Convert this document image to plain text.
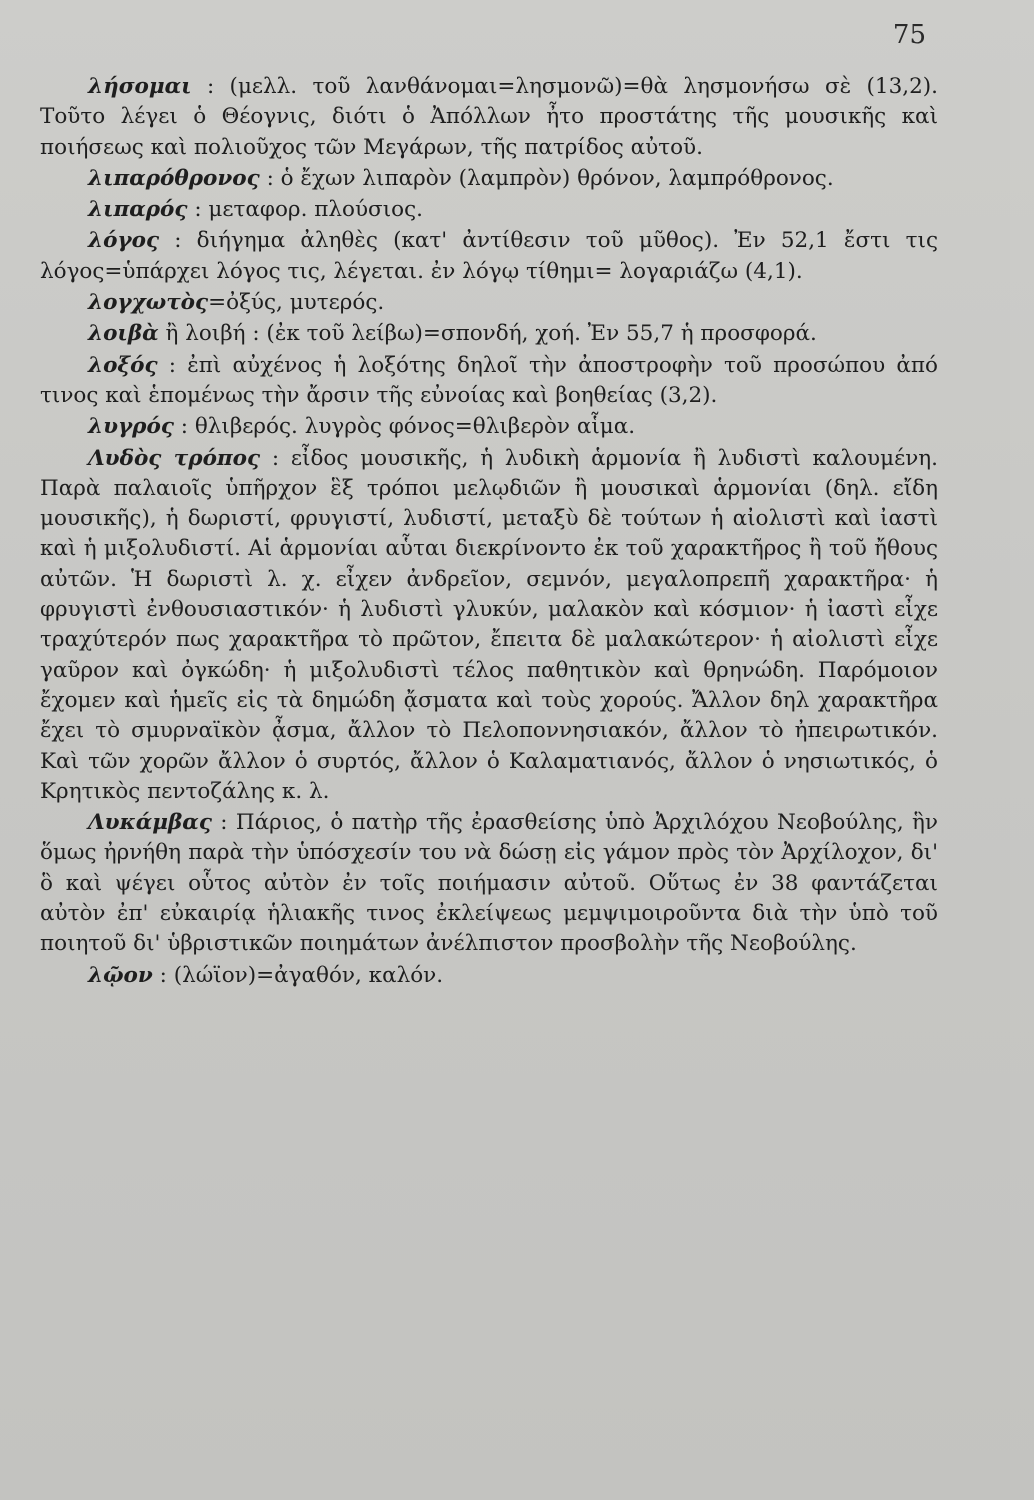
75

λήσομαι : (μελλ. τοῦ λανθάνομαι=λησμονῶ)=θὰ λησμονήσω σὲ (13,2). Τοῦτο λέγει ὁ Θέογνις, διότι ὁ Ἀπόλλων ἦτο προστάτης τῆς μουσικῆς καὶ ποιήσεως καὶ πολιοῦχος τῶν Μεγάρων, τῆς πατρίδος αὐτοῦ.

λιπαρόθρονος : ὁ ἔχων λιπαρὸν (λαμπρὸν) θρόνον, λαμπρόθρονος.

λιπαρός : μεταφορ. πλούσιος.

λόγος : διήγημα ἀληθὲς (κατ' ἀντίθεσιν τοῦ μῦθος). Ἐν 52,1 ἔστι τις λόγος=ὑπάρχει λόγος τις, λέγεται. ἐν λόγῳ τίθημι= λογαριάζω (4,1).

λογχωτὸς=ὀξύς, μυτερός.

λοιβὰ ἢ λοιβή : (ἐκ τοῦ λείβω)=σπονδή, χοή. Ἐν 55,7 ἡ προσφορά.

λοξός : ἐπὶ αὐχένος ἡ λοξότης δηλοῖ τὴν ἀποστροφὴν τοῦ προσώπου ἀπό τινος καὶ ἑπομένως τὴν ἄρσιν τῆς εὐνοίας καὶ βοηθείας (3,2).

λυγρός : θλιβερός. λυγρὸς φόνος=θλιβερὸν αἷμα.

Λυδὸς τρόπος : εἶδος μουσικῆς, ἡ λυδικὴ ἁρμονία ἢ λυδιστὶ καλουμένη. Παρὰ παλαιοῖς ὑπῆρχον ἓξ τρόποι μελῳδιῶν ἢ μουσικαὶ ἁρμονίαι (δηλ. εἴδη μουσικῆς), ἡ δωριστί, φρυγιστί, λυδιστί, μεταξὺ δὲ τούτων ἡ αἰολιστὶ καὶ ἰαστὶ καὶ ἡ μιξολυδιστί. Αἱ ἁρμονίαι αὗται διεκρίνοντο ἐκ τοῦ χαρακτῆρος ἢ τοῦ ἤθους αὐτῶν. Ἡ δωριστὶ λ. χ. εἶχεν ἀνδρεῖον, σεμνόν, μεγαλοπρεπῆ χαρακτῆρα· ἡ φρυγιστὶ ἐνθουσιαστικόν· ἡ λυδιστὶ γλυκύν, μαλακὸν καὶ κόσμιον· ἡ ἰαστὶ εἶχε τραχύτερόν πως χαρακτῆρα τὸ πρῶτον, ἔπειτα δὲ μαλακώτερον· ἡ αἰολιστὶ εἶχε γαῦρον καὶ ὀγκώδη· ἡ μιξολυδιστὶ τέλος παθητικὸν καὶ θρηνώδη. Παρόμοιον ἔχομεν καὶ ἡμεῖς εἰς τὰ δημώδη ᾄσματα καὶ τοὺς χορούς. Ἄλλον δηλ χαρακτῆρα ἔχει τὸ σμυρναϊκὸν ᾆσμα, ἄλλον τὸ Πελοποννησιακόν, ἄλλον τὸ ἠπειρωτικόν. Καὶ τῶν χορῶν ἄλλον ὁ συρτός, ἄλλον ὁ Καλαματιανός, ἄλλον ὁ νησιωτικός, ὁ Κρητικὸς πεντοζάλης κ. λ.

Λυκάμβας : Πάριος, ὁ πατὴρ τῆς ἐρασθείσης ὑπὸ Ἀρχιλόχου Νεοβούλης, ἣν ὅμως ἠρνήθη παρὰ τὴν ὑπόσχεσίν του νὰ δώσῃ εἰς γάμον πρὸς τὸν Ἀρχίλοχον, δι' ὃ καὶ ψέγει οὗτος αὐτὸν ἐν τοῖς ποιήμασιν αὐτοῦ. Οὕτως ἐν 38 φαντάζεται αὐτὸν ἐπ' εὐκαιρίᾳ ἡλιακῆς τινος ἐκλείψεως μεμψιμοιροῦντα διὰ τὴν ὑπὸ τοῦ ποιητοῦ δι' ὑβριστικῶν ποιημάτων ἀνέλπιστον προσβολὴν τῆς Νεοβούλης.

λῷον : (λώϊον)=ἀγαθόν, καλόν.
